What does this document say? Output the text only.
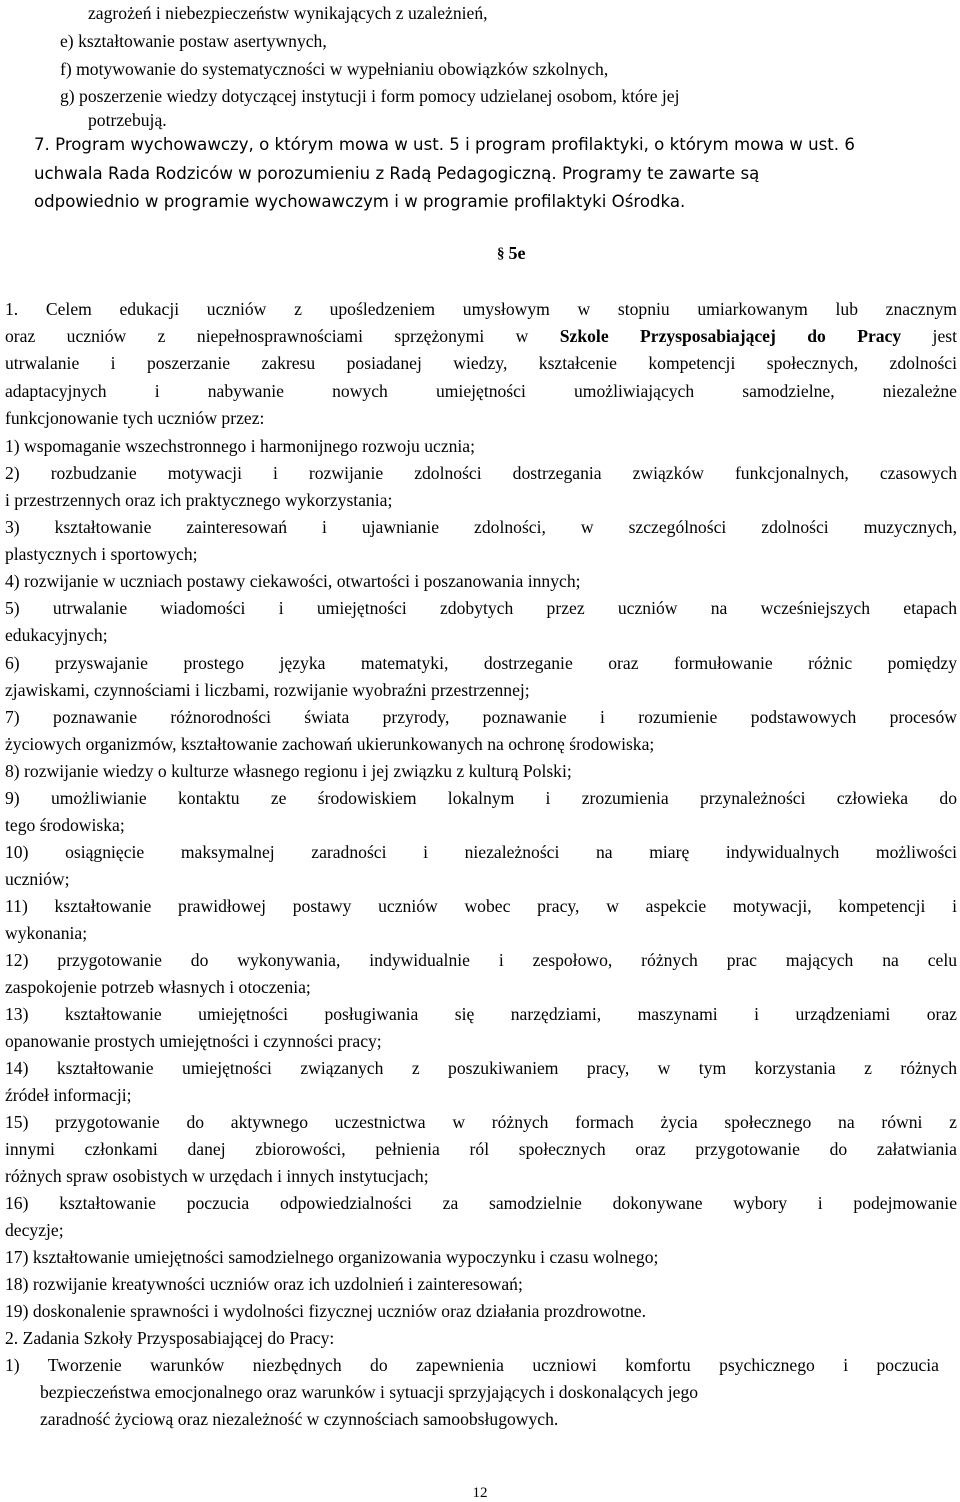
zagrożeń i niebezpieczeństw wynikających z uzależnień,
e) kształtowanie postaw asertywnych,
f) motywowanie do systematyczności w wypełnianiu obowiązków szkolnych,
g) poszerzenie wiedzy dotyczącej instytucji i form pomocy udzielanej osobom, które jej
potrzebują.
7. Program wychowawczy, o którym mowa w ust. 5 i program profilaktyki, o którym mowa w ust. 6
uchwala Rada Rodziców w porozumieniu z Radą Pedagogiczną. Programy te zawarte są
odpowiednio w programie wychowawczym i w programie profilaktyki Ośrodka.
§ 5e
1. Celem edukacji uczniów z upośledzeniem umysłowym w stopniu umiarkowanym lub znacznym
oraz uczniów z niepełnosprawnościami sprzężonymi w Szkole Przysposabiającej do Pracy jest
utrwalanie i poszerzanie zakresu posiadanej wiedzy, kształcenie kompetencji społecznych, zdolności
adaptacyjnych i nabywanie nowych umiejętności umożliwiających samodzielne, niezależne
funkcjonowanie tych uczniów przez:
1) wspomaganie wszechstronnego i harmonijnego rozwoju ucznia;
2) rozbudzanie motywacji i rozwijanie zdolności dostrzegania związków funkcjonalnych, czasowych
i przestrzennych oraz ich praktycznego wykorzystania;
3) kształtowanie zainteresowań i ujawnianie zdolności, w szczególności zdolności muzycznych,
plastycznych i sportowych;
4) rozwijanie w uczniach postawy ciekawości, otwartości i poszanowania innych;
5) utrwalanie wiadomości i umiejętności zdobytych przez uczniów na wcześniejszych etapach
edukacyjnych;
6) przyswajanie prostego języka matematyki, dostrzeganie oraz formułowanie różnic pomiędzy
zjawiskami, czynnościami i liczbami, rozwijanie wyobraźni przestrzennej;
7) poznawanie różnorodności świata przyrody, poznawanie i rozumienie podstawowych procesów
życiowych organizmów, kształtowanie zachowań ukierunkowanych na ochronę środowiska;
8) rozwijanie wiedzy o kulturze własnego regionu i jej związku z kulturą Polski;
9) umożliwianie kontaktu ze środowiskiem lokalnym i zrozumienia przynależności człowieka do
tego środowiska;
10) osiągnięcie maksymalnej zaradności i niezależności na miarę indywidualnych możliwości
uczniów;
11) kształtowanie prawidłowej postawy uczniów wobec pracy, w aspekcie motywacji, kompetencji i
wykonania;
12) przygotowanie do wykonywania, indywidualnie i zespołowo, różnych prac mających na celu
zaspokojenie potrzeb własnych i otoczenia;
13) kształtowanie umiejętności posługiwania się narzędziami, maszynami i urządzeniami oraz
opanowanie prostych umiejętności i czynności pracy;
14) kształtowanie umiejętności związanych z poszukiwaniem pracy, w tym korzystania z różnych
źródeł informacji;
15) przygotowanie do aktywnego uczestnictwa w różnych formach życia społecznego na równi z
innymi członkami danej zbiorowości, pełnienia ról społecznych oraz przygotowanie do załatwiania
różnych spraw osobistych w urzędach i innych instytucjach;
16) kształtowanie poczucia odpowiedzialności za samodzielnie dokonywane wybory i podejmowanie
decyzje;
17) kształtowanie umiejętności samodzielnego organizowania wypoczynku i czasu wolnego;
18) rozwijanie kreatywności uczniów oraz ich uzdolnień i zainteresowań;
19) doskonalenie sprawności i wydolności fizycznej uczniów oraz działania prozdrowotne.
2. Zadania Szkoły Przysposabiającej do Pracy:
1) Tworzenie warunków niezbędnych do zapewnienia uczniowi komfortu psychicznego i poczucia
bezpieczeństwa emocjonalnego oraz warunków i sytuacji sprzyjających i doskonalących jego
zaradność życiową oraz niezależność w czynnościach samoobsługowych.
12
